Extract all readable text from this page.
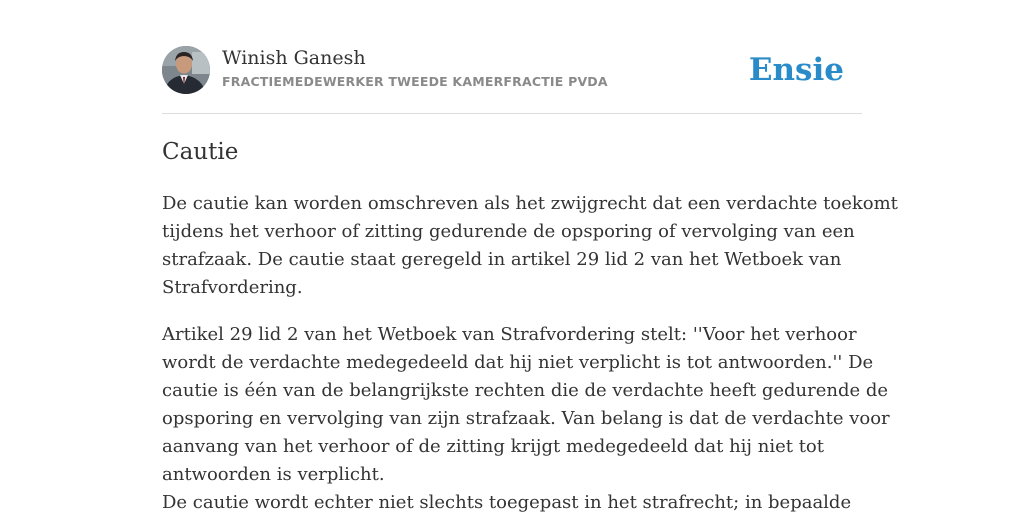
Winish Ganesh
FRACTIEMEDEWERKER TWEEDE KAMERFRACTIE PVDA	Ensie
Cautie

De cautie kan worden omschreven als het zwijgrecht dat een verdachte toekomt
tijdens het verhoor of zitting gedurende de opsporing of vervolging van een
strafzaak. De cautie staat geregeld in artikel 29 lid 2 van het Wetboek van
Strafvordering.

Artikel 29 lid 2 van het Wetboek van Strafvordering stelt: ''Voor het verhoor
wordt de verdachte medegedeeld dat hij niet verplicht is tot antwoorden.'' De
cautie is één van de belangrijkste rechten die de verdachte heeft gedurende de
opsporing en vervolging van zijn strafzaak. Van belang is dat de verdachte voor
aanvang van het verhoor of de zitting krijgt medegedeeld dat hij niet tot
antwoorden is verplicht.
De cautie wordt echter niet slechts toegepast in het strafrecht; in bepaalde
